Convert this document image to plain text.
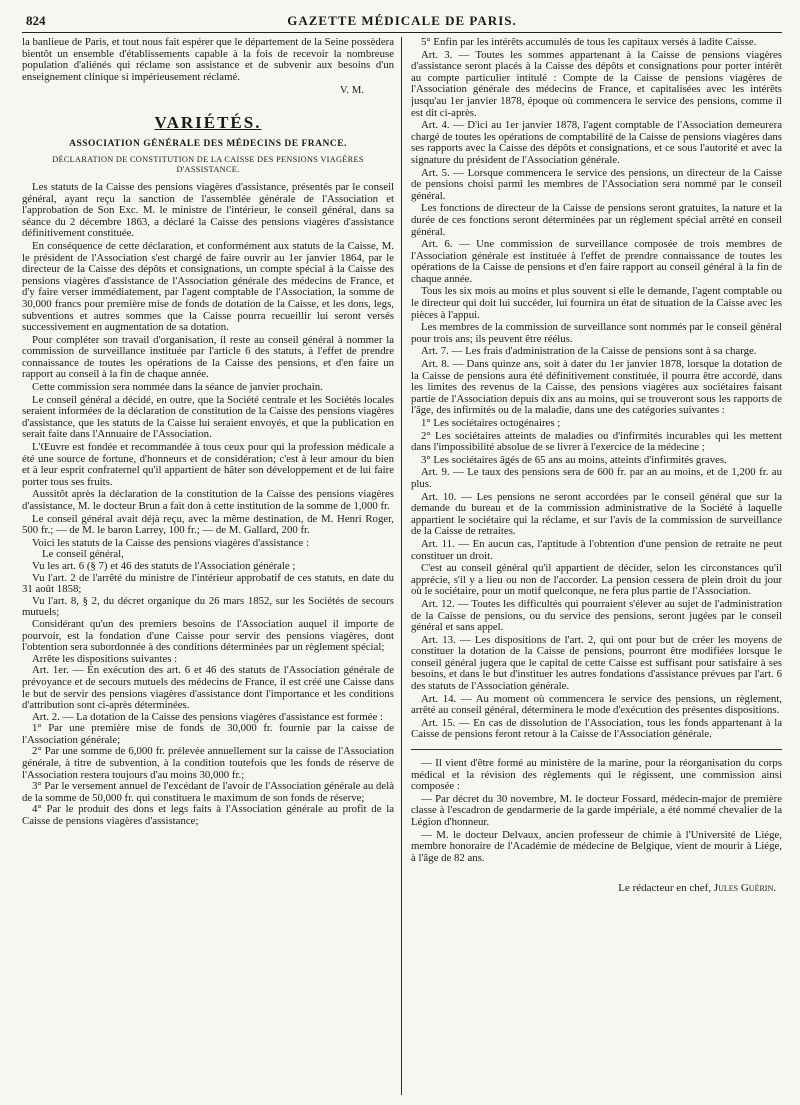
824	GAZETTE MÉDICALE DE PARIS.

la banlieue de Paris, et tout nous fait espérer que le département de la Seine possèdera bientôt un ensemble d'établissements capable à la fois de recevoir la nombreuse population d'aliénés qui réclame son assistance et de subvenir aux besoins d'un enseignement clinique si impérieusement réclamé.

V. M.
VARIÉTÉS.
ASSOCIATION GÉNÉRALE DES MÉDECINS DE FRANCE.
DÉCLARATION DE CONSTITUTION DE LA CAISSE DES PENSIONS VIAGÈRES D'ASSISTANCE.

Les statuts de la Caisse des pensions viagères d'assistance, présentés par le conseil général, ayant reçu la sanction de l'assemblée générale de l'Association et l'approbation de Son Exc. M. le ministre de l'intérieur, le conseil général, dans sa séance du 2 décembre 1863, a déclaré la Caisse des pensions viagères d'assistance définitivement constituée.

En conséquence de cette déclaration, et conformément aux statuts de la Caisse, M. le président de l'Association s'est chargé de faire ouvrir au 1er janvier 1864, par le directeur de la Caisse des dépôts et consignations, un compte spécial à la Caisse des pensions viagères d'assistance de l'Association générale des médecins de France, et d'y faire verser immédiatement, par l'agent comptable de l'Association, la somme de 30,000 francs pour première mise de fonds de dotation de la Caisse, et les dons, legs, subventions et autres sommes que la Caisse pourra recueillir lui seront versés successivement en augmentation de sa dotation.

Pour compléter son travail d'organisation, il reste au conseil général à nommer la commission de surveillance instituée par l'article 6 des statuts, à l'effet de prendre connaissance de toutes les opérations de la Caisse des pensions, et d'en faire un rapport au conseil à la fin de chaque année.

Cette commission sera nommée dans la séance de janvier prochain.

Le conseil général a décidé, en outre, que la Société centrale et les Sociétés locales seraient informées de la déclaration de constitution de la Caisse des pensions viagères d'assistance, que les statuts de la Caisse lui seraient envoyés, et que la publication en serait faite dans l'Annuaire de l'Association.

L'Œuvre est fondée et recommandée à tous ceux pour qui la profession médicale a été une source de fortune, d'honneurs et de considération; c'est à leur amour du bien et à leur esprit confraternel qu'il appartient de hâter son développement et de lui faire porter tous ses fruits.

Aussitôt après la déclaration de la constitution de la Caisse des pensions viagères d'assistance, M. le docteur Brun a fait don à cette institution de la somme de 1,000 fr.

Le conseil général avait déjà reçu, avec la même destination, de M. Henri Roger, 500 fr.; — de M. le baron Larrey, 100 fr.; — de M. Gallard, 200 fr.

Voici les statuts de la Caisse des pensions viagères d'assistance :

Le conseil général,

Vu les art. 6 (§ 7) et 46 des statuts de l'Association générale ;

Vu l'art. 2 de l'arrêté du ministre de l'intérieur approbatif de ces statuts, en date du 31 août 1858;

Vu l'art. 8, § 2, du décret organique du 26 mars 1852, sur les Sociétés de secours mutuels;

Considérant qu'un des premiers besoins de l'Association auquel il importe de pourvoir, est la fondation d'une Caisse pour servir des pensions viagères, dont l'obtention sera subordonnée à des conditions déterminées par un règlement spécial;

Arrête les dispositions suivantes :

Art. 1er. — En exécution des art. 6 et 46 des statuts de l'Association générale de prévoyance et de secours mutuels des médecins de France, il est créé une Caisse dans le but de servir des pensions viagères d'assistance dont l'importance et les conditions d'attribution sont ci-après déterminées.

Art. 2. — La dotation de la Caisse des pensions viagères d'assistance est formée :

1° Par une première mise de fonds de 30,000 fr. fournie par la caisse de l'Association générale;

2° Par une somme de 6,000 fr. prélevée annuellement sur la caisse de l'Association générale, à titre de subvention, à la condition toutefois que les fonds de réserve de l'Association restera toujours d'au moins 30,000 fr.;

3° Par le versement annuel de l'excédant de l'avoir de l'Association générale au delà de la somme de 50,000 fr. qui constituera le maximum de son fonds de réserve;

4° Par le produit des dons et legs faits à l'Association générale au profit de la Caisse de pensions viagères d'assistance;

5° Enfin par les intérêts accumulés de tous les capitaux versés à ladite Caisse.

Art. 3. — Toutes les sommes appartenant à la Caisse de pensions viagères d'assistance seront placés à la Caisse des dépôts et consignations pour porter intérêt au compte particulier intitulé : Compte de la Caisse de pensions viagères de l'Association générale des médecins de France, et capitalisées avec les intérêts jusqu'au 1er janvier 1878, époque où commencera le service des pensions, comme il est dit ci-après.

Art. 4. — D'ici au 1er janvier 1878, l'agent comptable de l'Association demeurera chargé de toutes les opérations de comptabilité de la Caisse de pensions viagères dans ses rapports avec la Caisse des dépôts et consignations, et ce sous l'autorité et avec la signature du président de l'Association générale.

Art. 5. — Lorsque commencera le service des pensions, un directeur de la Caisse de pensions choisi parmi les membres de l'Association sera nommé par le conseil général.

Les fonctions de directeur de la Caisse de pensions seront gratuites, la nature et la durée de ces fonctions seront déterminées par un règlement spécial arrêté en conseil général.

Art. 6. — Une commission de surveillance composée de trois membres de l'Association générale est instituée à l'effet de prendre connaissance de toutes les opérations de la Caisse de pensions et d'en faire rapport au conseil général à la fin de chaque année.

Tous les six mois au moins et plus souvent si elle le demande, l'agent comptable ou le directeur qui doit lui succéder, lui fournira un état de situation de la Caisse avec les pièces à l'appui.

Les membres de la commission de surveillance sont nommés par le conseil général pour trois ans; ils peuvent être réélus.

Art. 7. — Les frais d'administration de la Caisse de pensions sont à sa charge.

Art. 8. — Dans quinze ans, soit à dater du 1er janvier 1878, lorsque la dotation de la Caisse de pensions aura été définitivement constituée, il pourra être accordé, dans les limites des revenus de la Caisse, des pensions viagères aux sociétaires faisant partie de l'Association depuis dix ans au moins, qui se trouveront sous les rapports de l'âge, des infirmités ou de la maladie, dans une des catégories suivantes :

1° Les sociétaires octogénaires ;

2° Les sociétaires atteints de maladies ou d'infirmités incurables qui les mettent dans l'impossibilité absolue de se livrer à l'exercice de la médecine ;

3° Les sociétaires âgés de 65 ans au moins, atteints d'infirmités graves.

Art. 9. — Le taux des pensions sera de 600 fr. par an au moins, et de 1,200 fr. au plus.

Art. 10. — Les pensions ne seront accordées par le conseil général que sur la demande du bureau et de la commission administrative de la Société à laquelle appartient le sociétaire qui la réclame, et sur l'avis de la commission de surveillance de la Caisse de retraites.

Art. 11. — En aucun cas, l'aptitude à l'obtention d'une pension de retraite ne peut constituer un droit.

C'est au conseil général qu'il appartient de décider, selon les circonstances qu'il apprécie, s'il y a lieu ou non de l'accorder. La pension cessera de plein droit du jour où le sociétaire, pour un motif quelconque, ne fera plus partie de l'Association.

Art. 12. — Toutes les difficultés qui pourraient s'élever au sujet de l'administration de la Caisse de pensions, ou du service des pensions, seront jugées par le conseil général et sans appel.

Art. 13. — Les dispositions de l'art. 2, qui ont pour but de créer les moyens de constituer la dotation de la Caisse de pensions, pourront être modifiées lorsque le conseil général jugera que le capital de cette Caisse est suffisant pour satisfaire à ses besoins, et dans le but d'instituer les autres fondations d'assistance prévues par l'art. 6 des statuts de l'Association générale.

Art. 14. — Au moment où commencera le service des pensions, un règlement, arrêté au conseil général, déterminera le mode d'exécution des présentes dispositions.

Art. 15. — En cas de dissolution de l'Association, tous les fonds appartenant à la Caisse de pensions feront retour à la Caisse de l'Association générale.

— Il vient d'être formé au ministère de la marine, pour la réorganisation du corps médical et la révision des règlements qui le régissent, une commission ainsi composée :

— Par décret du 30 novembre, M. le docteur Fossard, médecin-major de première classe à l'escadron de gendarmerie de la garde impériale, a été nommé chevalier de la Légion d'honneur.

— M. le docteur Delvaux, ancien professeur de chimie à l'Université de Liége, membre honoraire de l'Académie de médecine de Belgique, vient de mourir à Liége, à l'âge de 82 ans.

Le rédacteur en chef, Jules Guérin.
